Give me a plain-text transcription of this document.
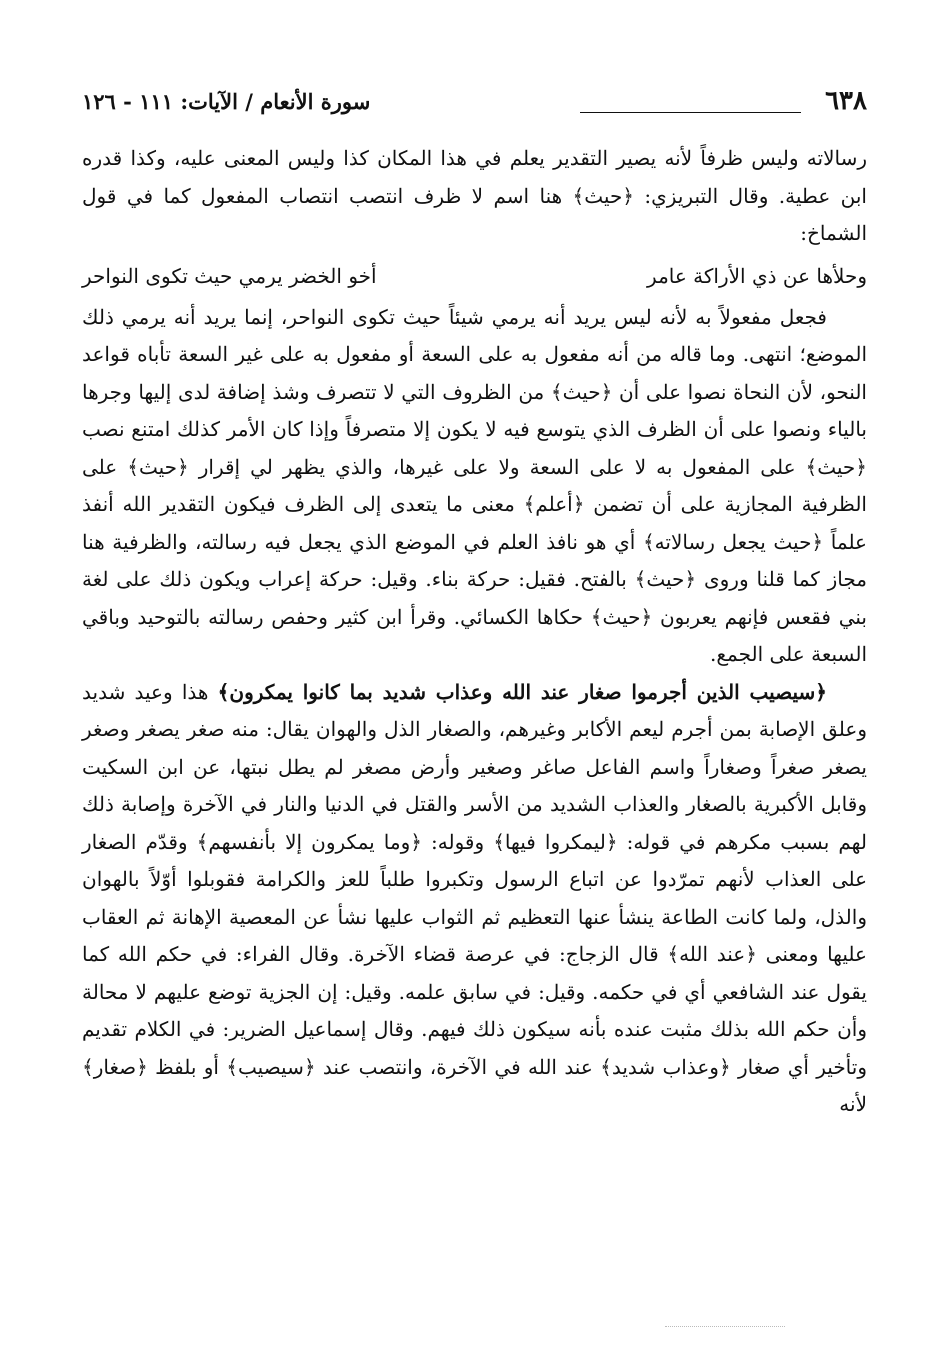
٦٣٨
سورة الأنعام / الآيات: ١١١ - ١٢٦

رسالاته وليس ظرفاً لأنه يصير التقدير يعلم في هذا المكان كذا وليس المعنى عليه، وكذا قدره ابن عطية. وقال التبريزي: ﴿حيث﴾ هنا اسم لا ظرف انتصب انتصاب المفعول كما في قول الشماخ:

وحلأها عن ذي الأراكة عامر
أخو الخضر يرمي حيث تكوى النواحر

فجعل مفعولاً به لأنه ليس يريد أنه يرمي شيئاً حيث تكوى النواحر، إنما يريد أنه يرمي ذلك الموضع؛ انتهى. وما قاله من أنه مفعول به على السعة أو مفعول به على غير السعة تأباه قواعد النحو، لأن النحاة نصوا على أن ﴿حيث﴾ من الظروف التي لا تتصرف وشذ إضافة لدى إليها وجرها بالياء ونصوا على أن الظرف الذي يتوسع فيه لا يكون إلا متصرفاً وإذا كان الأمر كذلك امتنع نصب ﴿حيث﴾ على المفعول به لا على السعة ولا على غيرها، والذي يظهر لي إقرار ﴿حيث﴾ على الظرفية المجازية على أن تضمن ﴿أعلم﴾ معنى ما يتعدى إلى الظرف فيكون التقدير الله أنفذ علماً ﴿حيث يجعل رسالاته﴾ أي هو نافذ العلم في الموضع الذي يجعل فيه رسالته، والظرفية هنا مجاز كما قلنا وروى ﴿حيث﴾ بالفتح. فقيل: حركة بناء. وقيل: حركة إعراب ويكون ذلك على لغة بني فقعس فإنهم يعربون ﴿حيث﴾ حكاها الكسائي. وقرأ ابن كثير وحفص رسالته بالتوحيد وباقي السبعة على الجمع.

﴿سيصيب الذين أجرموا صغار عند الله وعذاب شديد بما كانوا يمكرون﴾ هذا وعيد شديد وعلق الإصابة بمن أجرم ليعم الأكابر وغيرهم، والصغار الذل والهوان يقال: منه صغر يصغر وصغر يصغر صغراً وصغاراً واسم الفاعل صاغر وصغير وأرض مصغر لم يطل نبتها، عن ابن السكيت وقابل الأكبرية بالصغار والعذاب الشديد من الأسر والقتل في الدنيا والنار في الآخرة وإصابة ذلك لهم بسبب مكرهم في قوله: ﴿ليمكروا فيها﴾ وقوله: ﴿وما يمكرون إلا بأنفسهم﴾ وقدّم الصغار على العذاب لأنهم تمرّدوا عن اتباع الرسول وتكبروا طلباً للعز والكرامة فقوبلوا أوّلاً بالهوان والذل، ولما كانت الطاعة ينشأ عنها التعظيم ثم الثواب عليها نشأ عن المعصية الإهانة ثم العقاب عليها ومعنى ﴿عند الله﴾ قال الزجاج: في عرصة قضاء الآخرة. وقال الفراء: في حكم الله كما يقول عند الشافعي أي في حكمه. وقيل: في سابق علمه. وقيل: إن الجزية توضع عليهم لا محالة وأن حكم الله بذلك مثبت عنده بأنه سيكون ذلك فيهم. وقال إسماعيل الضرير: في الكلام تقديم وتأخير أي صغار ﴿وعذاب شديد﴾ عند الله في الآخرة، وانتصب عند ﴿سيصيب﴾ أو بلفظ ﴿صغار﴾ لأنه
